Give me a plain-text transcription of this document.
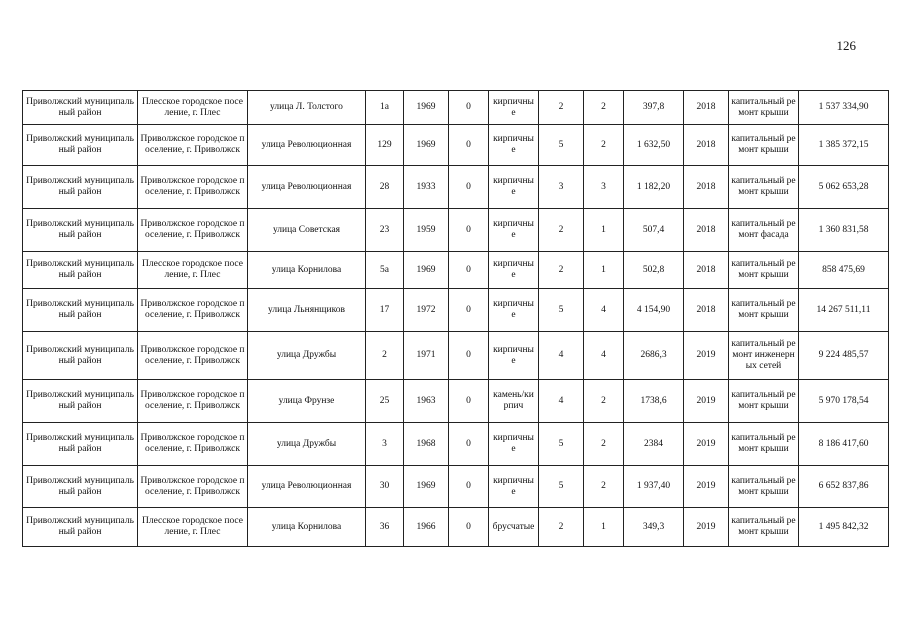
126
Приволжский муниципальный район	Плесское городское поселение, г. Плес	улица Л. Толстого	1а	1969	0	кирпичные	2	2	397,8	2018	капитальный ремонт крыши	1 537 334,90
Приволжский муниципальный район	Приволжское городское поселение, г. Приволжск	улица Революционная	129	1969	0	кирпичные	5	2	1 632,50	2018	капитальный ремонт крыши	1 385 372,15
Приволжский муниципальный район	Приволжское городское поселение, г. Приволжск	улица Революционная	28	1933	0	кирпичные	3	3	1 182,20	2018	капитальный ремонт крыши	5 062 653,28
Приволжский муниципальный район	Приволжское городское поселение, г. Приволжск	улица Советская	23	1959	0	кирпичные	2	1	507,4	2018	капитальный ремонт фасада	1 360 831,58
Приволжский муниципальный район	Плесское городское поселение, г. Плес	улица Корнилова	5а	1969	0	кирпичные	2	1	502,8	2018	капитальный ремонт крыши	858 475,69
Приволжский муниципальный район	Приволжское городское поселение, г. Приволжск	улица Льнянщиков	17	1972	0	кирпичные	5	4	4 154,90	2018	капитальный ремонт крыши	14 267 511,11
Приволжский муниципальный район	Приволжское городское поселение, г. Приволжск	улица Дружбы	2	1971	0	кирпичные	4	4	2686,3	2019	капитальный ремонт инженерных сетей	9 224 485,57
Приволжский муниципальный район	Приволжское городское поселение, г. Приволжск	улица Фрунзе	25	1963	0	камень/кирпич	4	2	1738,6	2019	капитальный ремонт крыши	5 970 178,54
Приволжский муниципальный район	Приволжское городское поселение, г. Приволжск	улица Дружбы	3	1968	0	кирпичные	5	2	2384	2019	капитальный ремонт крыши	8 186 417,60
Приволжский муниципальный район	Приволжское городское поселение, г. Приволжск	улица Революционная	30	1969	0	кирпичные	5	2	1 937,40	2019	капитальный ремонт крыши	6 652 837,86
Приволжский муниципальный район	Плесское городское поселение, г. Плес	улица Корнилова	36	1966	0	брусчатые	2	1	349,3	2019	капитальный ремонт крыши	1 495 842,32
